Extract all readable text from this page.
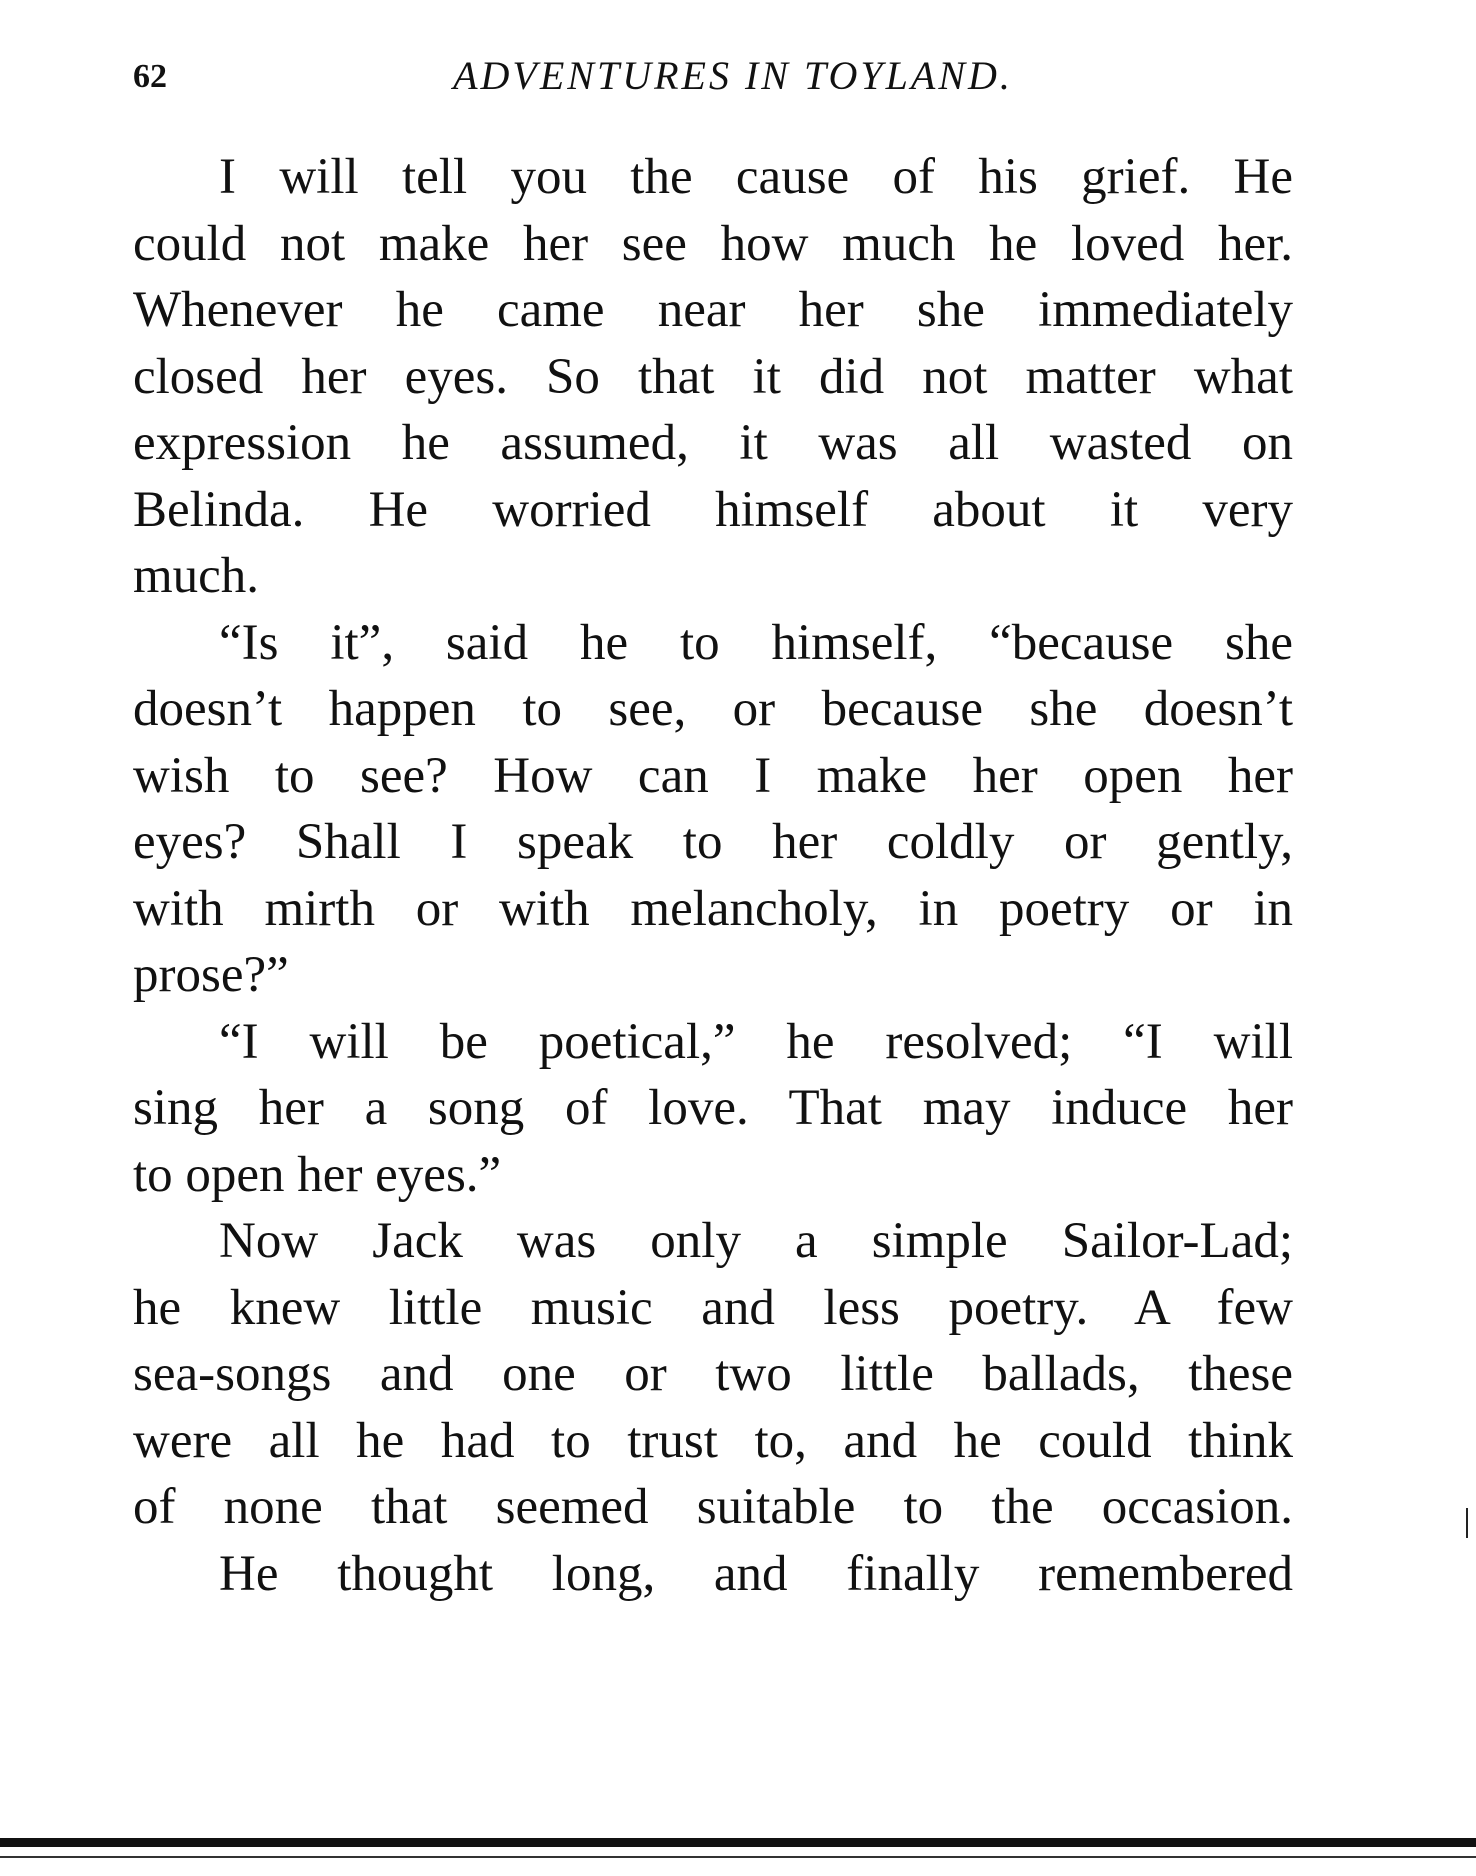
62	ADVENTURES IN TOYLAND.
I will tell you the cause of his grief. He
could not make her see how much he loved her.
Whenever he came near her she immediately
closed her eyes. So that it did not matter what
expression he assumed, it was all wasted on
Belinda. He worried himself about it very
much.
“Is it”, said he to himself, “because she
doesn’t happen to see, or because she doesn’t
wish to see? How can I make her open her
eyes? Shall I speak to her coldly or gently,
with mirth or with melancholy, in poetry or in
prose?”
“I will be poetical,” he resolved; “I will
sing her a song of love. That may induce her
to open her eyes.”
Now Jack was only a simple Sailor-Lad;
he knew little music and less poetry. A few
sea-songs and one or two little ballads, these
were all he had to trust to, and he could think
of none that seemed suitable to the occasion.
He thought long, and finally remembered
